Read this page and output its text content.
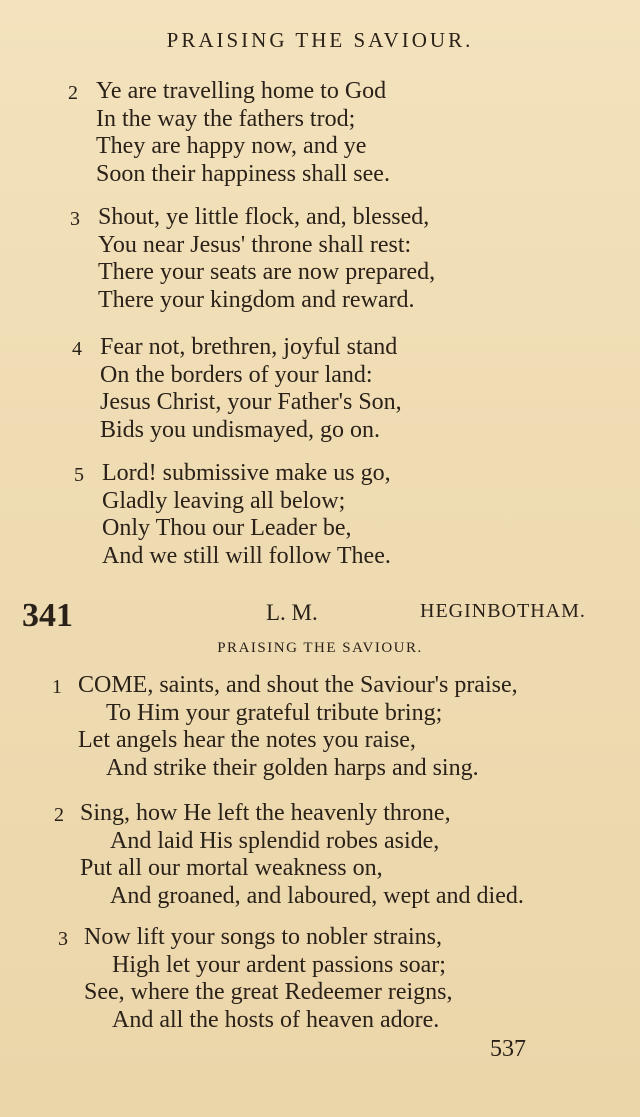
PRAISING THE SAVIOUR.
2 Ye are travelling home to God
In the way the fathers trod;
They are happy now, and ye
Soon their happiness shall see.
3 Shout, ye little flock, and, blessed,
You near Jesus' throne shall rest:
There your seats are now prepared,
There your kingdom and reward.
4 Fear not, brethren, joyful stand
On the borders of your land:
Jesus Christ, your Father's Son,
Bids you undismayed, go on.
5 Lord! submissive make us go,
Gladly leaving all below;
Only Thou our Leader be,
And we still will follow Thee.
341	L. M.	HEGINBOTHAM.
PRAISING THE SAVIOUR.
1 COME, saints, and shout the Saviour's praise,
To Him your grateful tribute bring;
Let angels hear the notes you raise,
And strike their golden harps and sing.
2 Sing, how He left the heavenly throne,
And laid His splendid robes aside,
Put all our mortal weakness on,
And groaned, and laboured, wept and died.
3 Now lift your songs to nobler strains,
High let your ardent passions soar;
See, where the great Redeemer reigns,
And all the hosts of heaven adore.
537
